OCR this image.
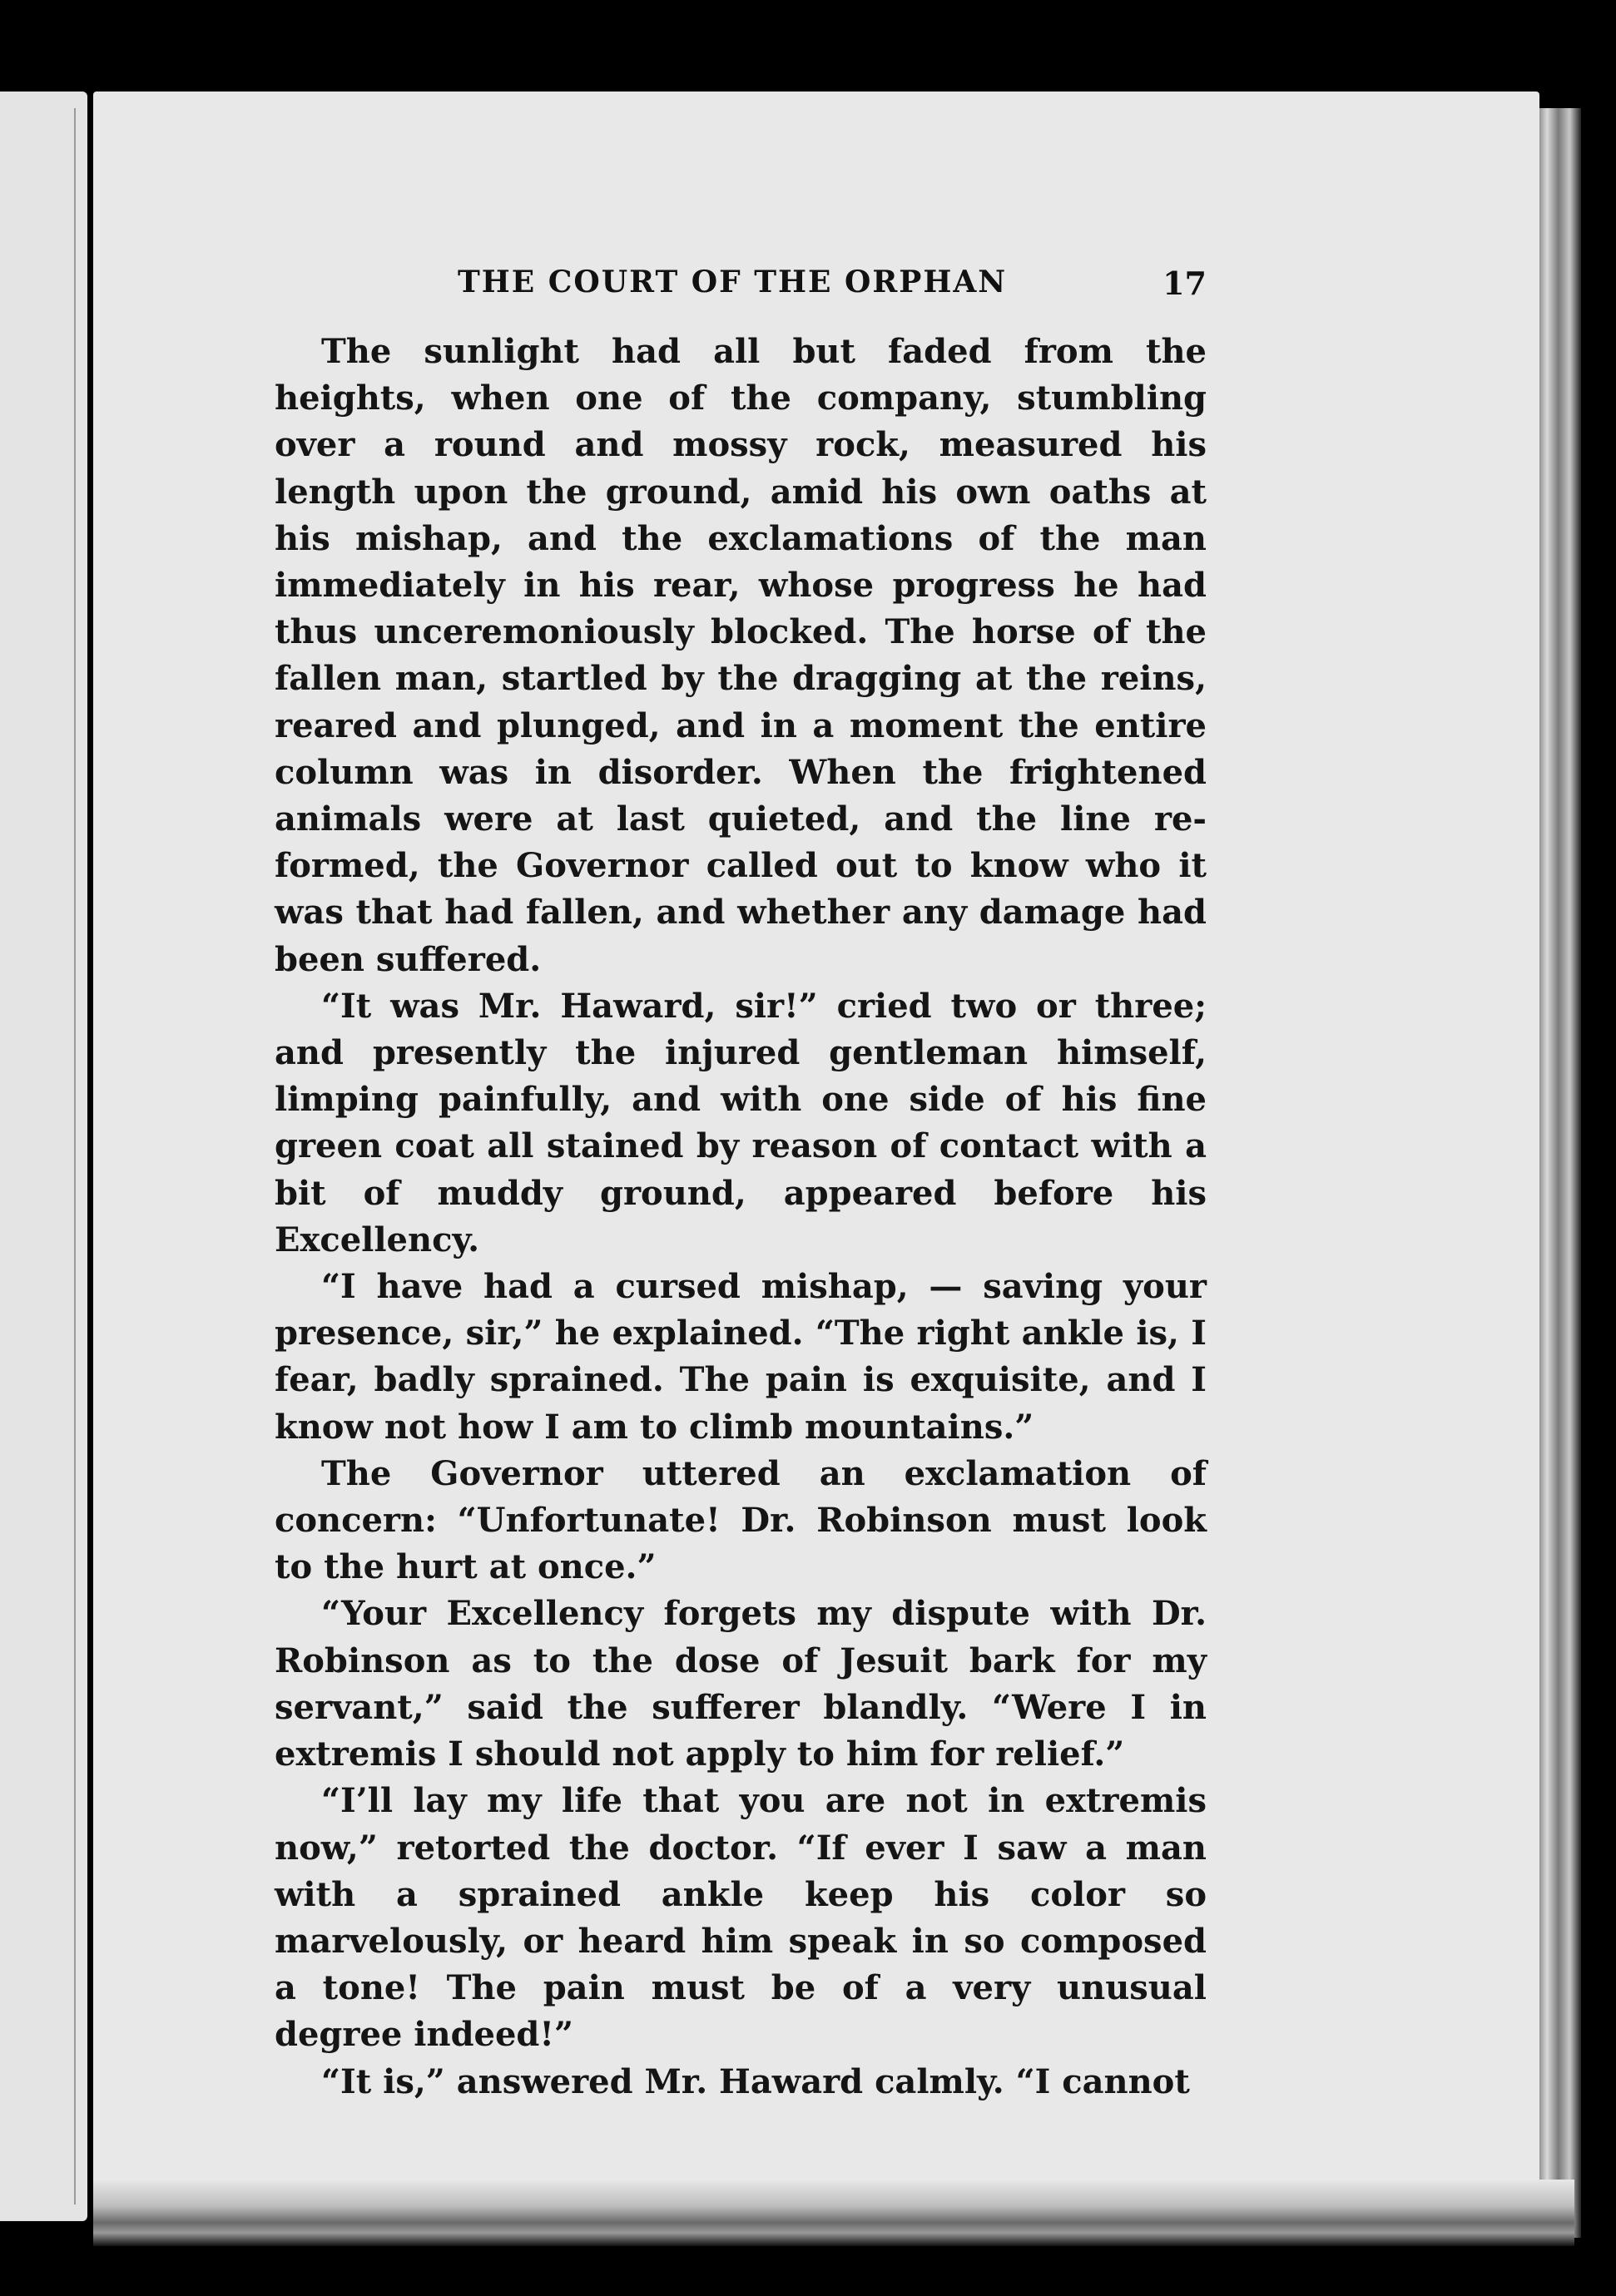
THE COURT OF THE ORPHAN	17

The sunlight had all but faded from the heights, when one of the company, stumbling over a round and mossy rock, measured his length upon the ground, amid his own oaths at his mishap, and the exclamations of the man immediately in his rear, whose progress he had thus unceremoniously blocked. The horse of the fallen man, startled by the dragging at the reins, reared and plunged, and in a moment the entire column was in disorder. When the frightened animals were at last quieted, and the line re-formed, the Governor called out to know who it was that had fallen, and whether any damage had been suffered.

“It was Mr. Haward, sir!” cried two or three; and presently the injured gentleman himself, limping painfully, and with one side of his fine green coat all stained by reason of contact with a bit of muddy ground, appeared before his Excellency.

“I have had a cursed mishap, — saving your presence, sir,” he explained. “The right ankle is, I fear, badly sprained. The pain is exquisite, and I know not how I am to climb mountains.”

The Governor uttered an exclamation of concern: “Unfortunate! Dr. Robinson must look to the hurt at once.”

“Your Excellency forgets my dispute with Dr. Robinson as to the dose of Jesuit bark for my servant,” said the sufferer blandly. “Were I in extremis I should not apply to him for relief.”

“I’ll lay my life that you are not in extremis now,” retorted the doctor. “If ever I saw a man with a sprained ankle keep his color so marvelously, or heard him speak in so composed a tone! The pain must be of a very unusual degree indeed!”

“It is,” answered Mr. Haward calmly. “I cannot
